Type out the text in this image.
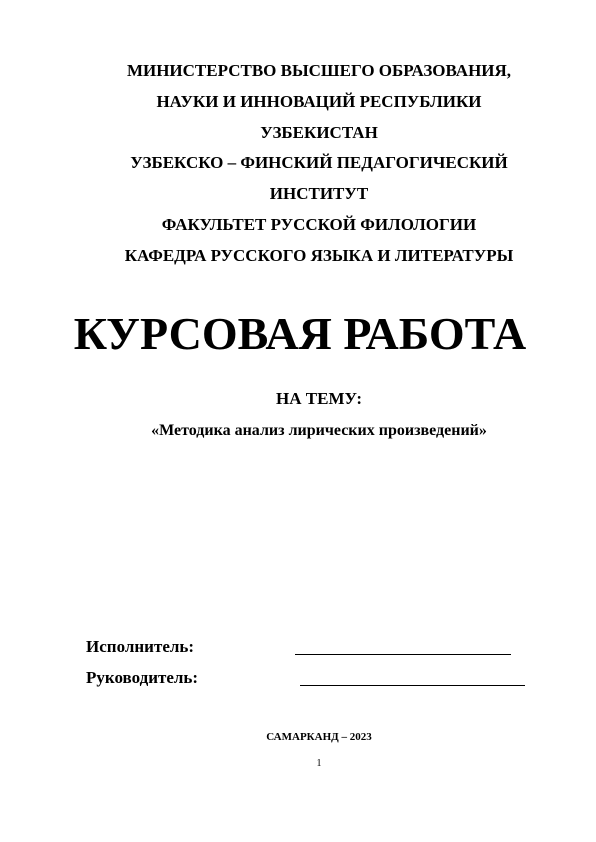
МИНИСТЕРСТВО ВЫСШЕГО ОБРАЗОВАНИЯ,
НАУКИ И ИННОВАЦИЙ РЕСПУБЛИКИ
УЗБЕКИСТАН
УЗБЕКСКО – ФИНСКИЙ ПЕДАГОГИЧЕСКИЙ
ИНСТИТУТ
ФАКУЛЬТЕТ РУССКОЙ ФИЛОЛОГИИ
КАФЕДРА РУССКОГО ЯЗЫКА И ЛИТЕРАТУРЫ
КУРСОВАЯ РАБОТА
НА ТЕМУ:
«Методика анализ лирических произведений»
Исполнитель:
Руководитель:
САМАРКАНД – 2023
1
